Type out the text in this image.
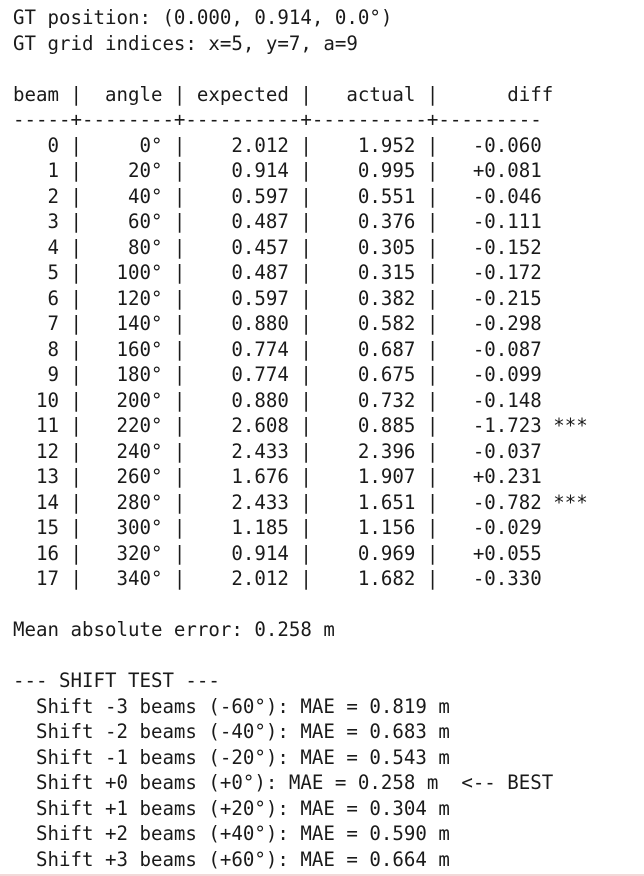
GT position: (0.000, 0.914, 0.0°)
GT grid indices: x=5, y=7, a=9
beam |  angle | expected |   actual |      diff
-----+--------+----------+----------+---------
0 |     0° |    2.012 |    1.952 |   -0.060
1 |    20° |    0.914 |    0.995 |   +0.081
2 |    40° |    0.597 |    0.551 |   -0.046
3 |    60° |    0.487 |    0.376 |   -0.111
4 |    80° |    0.457 |    0.305 |   -0.152
5 |   100° |    0.487 |    0.315 |   -0.172
6 |   120° |    0.597 |    0.382 |   -0.215
7 |   140° |    0.880 |    0.582 |   -0.298
8 |   160° |    0.774 |    0.687 |   -0.087
9 |   180° |    0.774 |    0.675 |   -0.099
10 |   200° |    0.880 |    0.732 |   -0.148
11 |   220° |    2.608 |    0.885 |   -1.723 ***
12 |   240° |    2.433 |    2.396 |   -0.037
13 |   260° |    1.676 |    1.907 |   +0.231
14 |   280° |    2.433 |    1.651 |   -0.782 ***
15 |   300° |    1.185 |    1.156 |   -0.029
16 |   320° |    0.914 |    0.969 |   +0.055
17 |   340° |    2.012 |    1.682 |   -0.330
Mean absolute error: 0.258 m
--- SHIFT TEST ---
Shift -3 beams (-60°): MAE = 0.819 m
Shift -2 beams (-40°): MAE = 0.683 m
Shift -1 beams (-20°): MAE = 0.543 m
Shift +0 beams (+0°): MAE = 0.258 m  <-- BEST
Shift +1 beams (+20°): MAE = 0.304 m
Shift +2 beams (+40°): MAE = 0.590 m
Shift +3 beams (+60°): MAE = 0.664 m
